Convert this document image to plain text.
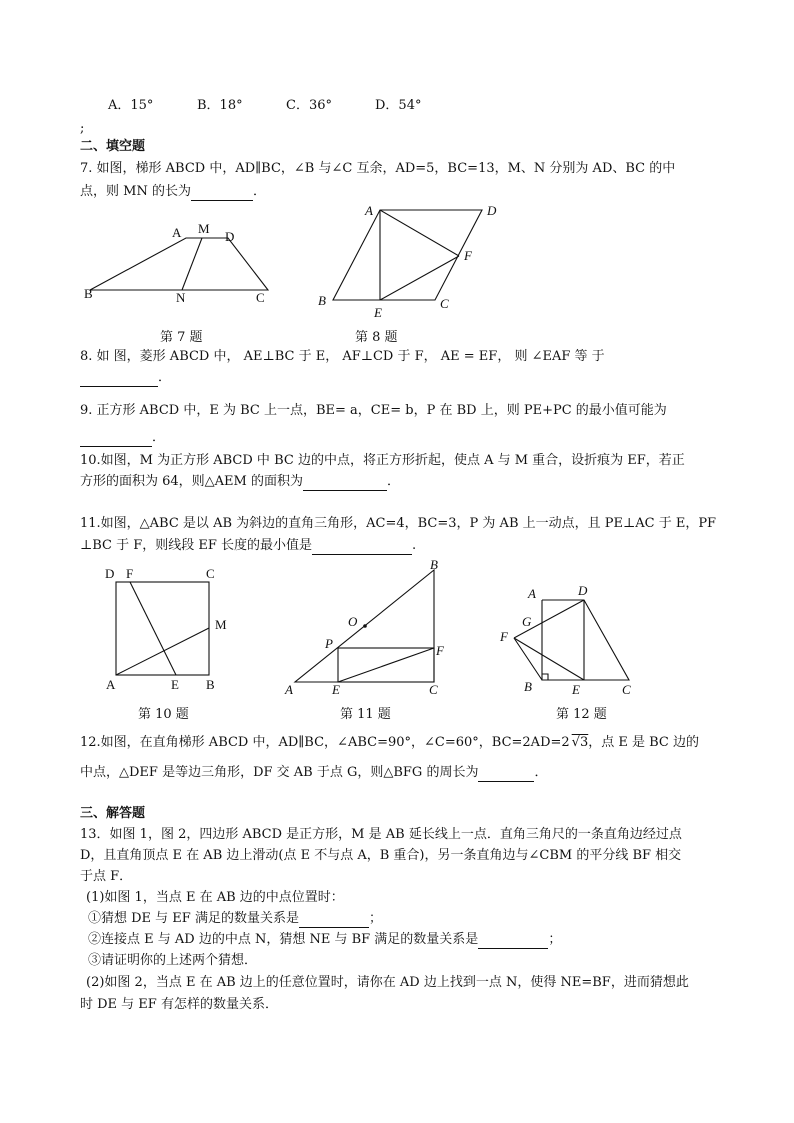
A．15°	B．18°	C．36°	D．54°
;
二、填空题
7. 如图，梯形 ABCD 中，AD∥BC，∠B 与∠C 互余，AD=5，BC=13，M、N 分别为 AD、BC 的中
点，则 MN 的长为	．
A M
D
B	N	C
第 7 题
A	D
F
B
E
C
第 8 题
8. 如 图，菱形 ABCD 中， AE⊥BC 于 E， AF⊥CD 于 F， AE = EF， 则 ∠EAF 等 于
．
9. 正方形 ABCD 中，E 为 BC 上一点，BE= a，CE= b，P 在 BD 上，则 PE+PC 的最小值可能为
．
10.如图，M 为正方形 ABCD 中 BC 边的中点，将正方形折起，使点 A 与 M 重合，设折痕为 EF，若正
方形的面积为 64，则△AEM 的面积为	．
11.如图，△ABC 是以 AB 为斜边的直角三角形，AC=4，BC=3，P 为 AB 上一动点，且 PE⊥AC 于 E，PF
⊥BC 于 F，则线段 EF 长度的最小值是	.
D F	C
M
A	E B
第 10 题
B
O
P	F
A	E	C
第 11 题
A	D
G
F
B	E	C
第 12 题
12.如图，在直角梯形 ABCD 中，AD∥BC，∠ABC=90°，∠C=60°，BC=2AD=2 √3，点 E 是 BC 边的
中点，△DEF 是等边三角形，DF 交 AB 于点 G，则△BFG 的周长为	．
三、解答题
13．如图 1，图 2，四边形 ABCD 是正方形，M 是 AB 延长线上一点．直角三角尺的一条直角边经过点
D，且直角顶点 E 在 AB 边上滑动(点 E 不与点 A，B 重合)，另一条直角边与∠CBM 的平分线 BF 相交
于点 F．
(1)如图 1，当点 E 在 AB 边的中点位置时：
①猜想 DE 与 EF 满足的数量关系是	；
②连接点 E 与 AD 边的中点 N，猜想 NE 与 BF 满足的数量关系是	；
③请证明你的上述两个猜想．
(2)如图 2，当点 E 在 AB 边上的任意位置时，请你在 AD 边上找到一点 N，使得 NE=BF，进而猜想此
时 DE 与 EF 有怎样的数量关系．
